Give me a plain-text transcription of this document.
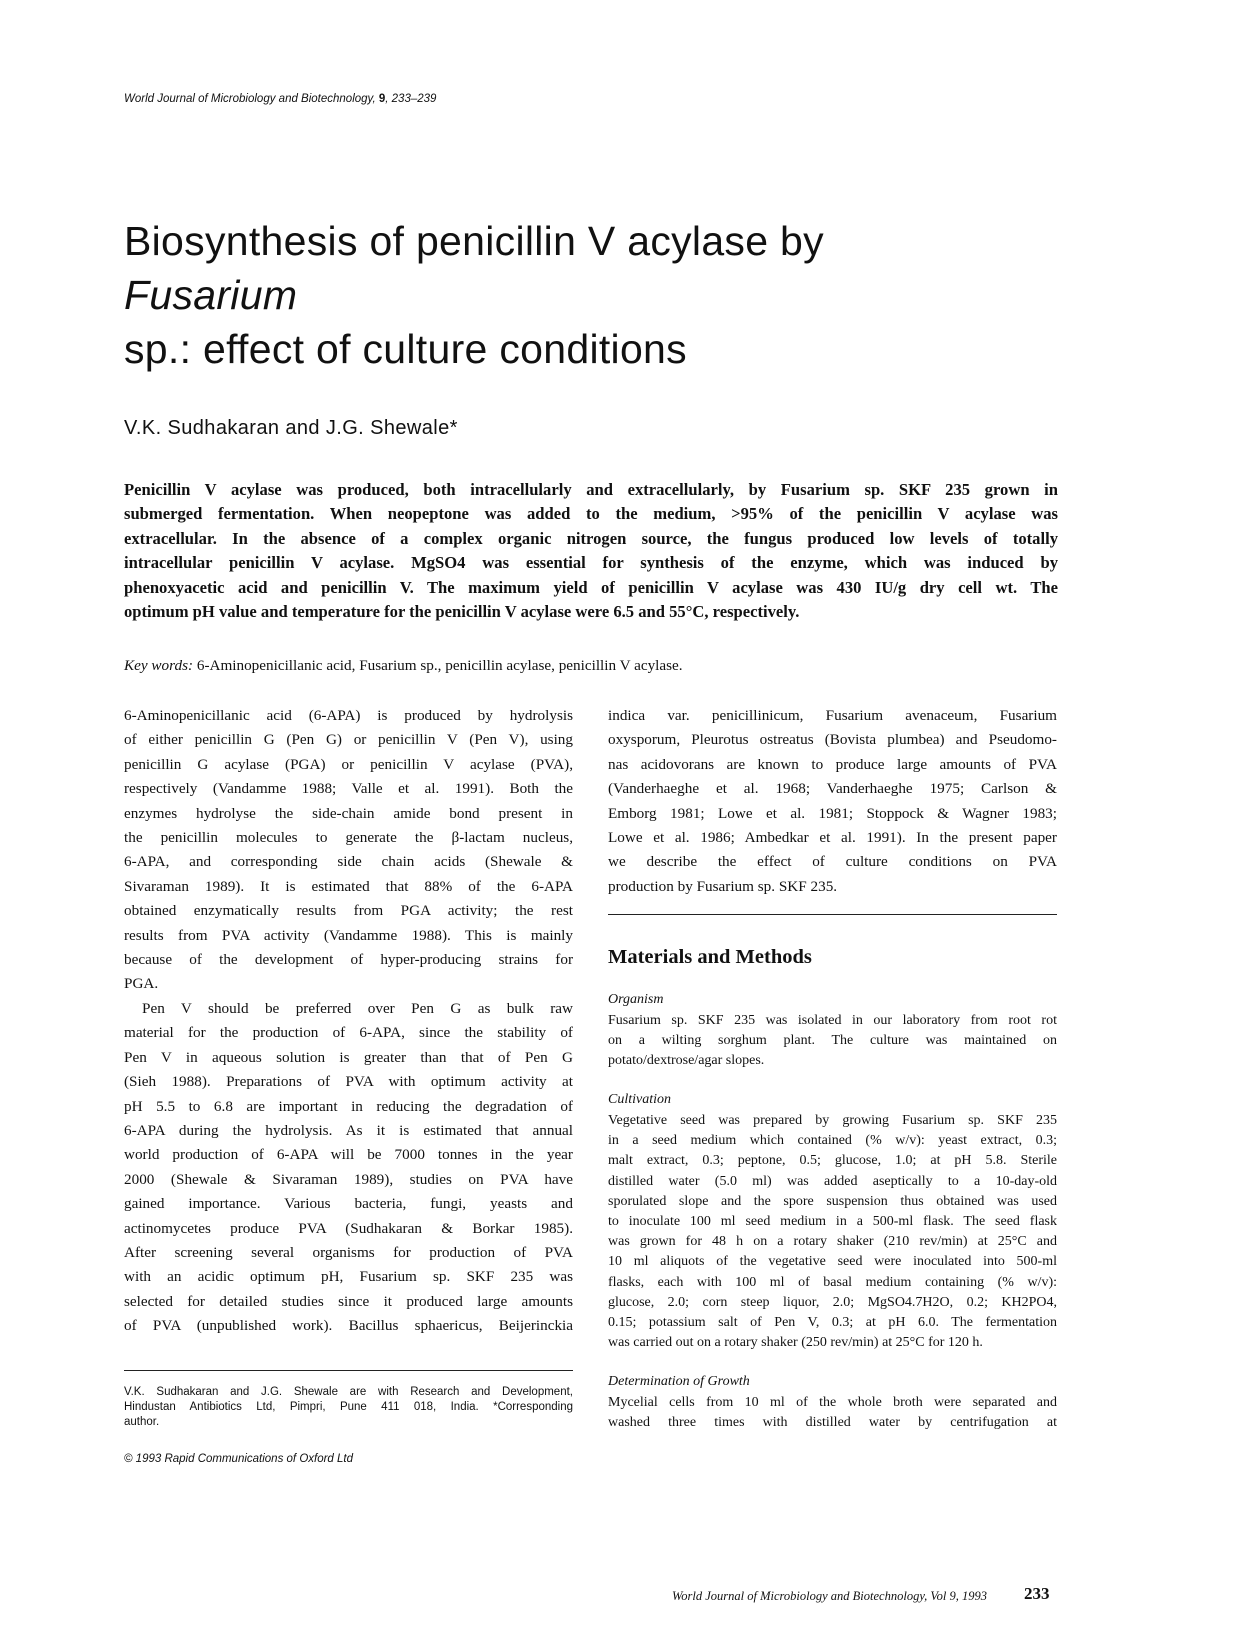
World Journal of Microbiology and Biotechnology, 9, 233–239
Biosynthesis of penicillin V acylase by
Fusarium
sp.: effect of culture conditions
V.K. Sudhakaran and J.G. Shewale*
Penicillin V acylase was produced, both intracellularly and extracellularly, by Fusarium sp. SKF 235 grown in
submerged fermentation. When neopeptone was added to the medium, >95% of the penicillin V acylase was
extracellular. In the absence of a complex organic nitrogen source, the fungus produced low levels of totally
intracellular penicillin V acylase. MgSO4 was essential for synthesis of the enzyme, which was induced by
phenoxyacetic acid and penicillin V. The maximum yield of penicillin V acylase was 430 IU/g dry cell wt. The
optimum pH value and temperature for the penicillin V acylase were 6.5 and 55°C, respectively.
Key words: 6-Aminopenicillanic acid, Fusarium sp., penicillin acylase, penicillin V acylase.
6-Aminopenicillanic acid (6-APA) is produced by hydrolysis
of either penicillin G (Pen G) or penicillin V (Pen V), using
penicillin G acylase (PGA) or penicillin V acylase (PVA),
respectively (Vandamme 1988; Valle et al. 1991). Both the
enzymes hydrolyse the side-chain amide bond present in
the penicillin molecules to generate the β-lactam nucleus,
6-APA, and corresponding side chain acids (Shewale &
Sivaraman 1989). It is estimated that 88% of the 6-APA
obtained enzymatically results from PGA activity; the rest
results from PVA activity (Vandamme 1988). This is mainly
because of the development of hyper-producing strains for
PGA.
Pen V should be preferred over Pen G as bulk raw
material for the production of 6-APA, since the stability of
Pen V in aqueous solution is greater than that of Pen G
(Sieh 1988). Preparations of PVA with optimum activity at
pH 5.5 to 6.8 are important in reducing the degradation of
6-APA during the hydrolysis. As it is estimated that annual
world production of 6-APA will be 7000 tonnes in the year
2000 (Shewale & Sivaraman 1989), studies on PVA have
gained importance. Various bacteria, fungi, yeasts and
actinomycetes produce PVA (Sudhakaran & Borkar 1985).
After screening several organisms for production of PVA
with an acidic optimum pH, Fusarium sp. SKF 235 was
selected for detailed studies since it produced large amounts
of PVA (unpublished work). Bacillus sphaericus, Beijerinckia
indica var. penicillinicum, Fusarium avenaceum, Fusarium
oxysporum, Pleurotus ostreatus (Bovista plumbea) and Pseudomo-
nas acidovorans are known to produce large amounts of PVA
(Vanderhaeghe et al. 1968; Vanderhaeghe 1975; Carlson &
Emborg 1981; Lowe et al. 1981; Stoppock & Wagner 1983;
Lowe et al. 1986; Ambedkar et al. 1991). In the present paper
we describe the effect of culture conditions on PVA
production by Fusarium sp. SKF 235.
Materials and Methods
Organism
Fusarium sp. SKF 235 was isolated in our laboratory from root rot
on a wilting sorghum plant. The culture was maintained on
potato/dextrose/agar slopes.
Cultivation
Vegetative seed was prepared by growing Fusarium sp. SKF 235
in a seed medium which contained (% w/v): yeast extract, 0.3;
malt extract, 0.3; peptone, 0.5; glucose, 1.0; at pH 5.8. Sterile
distilled water (5.0 ml) was added aseptically to a 10-day-old
sporulated slope and the spore suspension thus obtained was used
to inoculate 100 ml seed medium in a 500-ml flask. The seed flask
was grown for 48 h on a rotary shaker (210 rev/min) at 25°C and
10 ml aliquots of the vegetative seed were inoculated into 500-ml
flasks, each with 100 ml of basal medium containing (% w/v):
glucose, 2.0; corn steep liquor, 2.0; MgSO4.7H2O, 0.2; KH2PO4,
0.15; potassium salt of Pen V, 0.3; at pH 6.0. The fermentation
was carried out on a rotary shaker (250 rev/min) at 25°C for 120 h.
Determination of Growth
Mycelial cells from 10 ml of the whole broth were separated and
washed three times with distilled water by centrifugation at
V.K. Sudhakaran and J.G. Shewale are with Research and Development,
Hindustan Antibiotics Ltd, Pimpri, Pune 411 018, India. *Corresponding
author.
© 1993 Rapid Communications of Oxford Ltd
World Journal of Microbiology and Biotechnology, Vol 9, 1993 233
